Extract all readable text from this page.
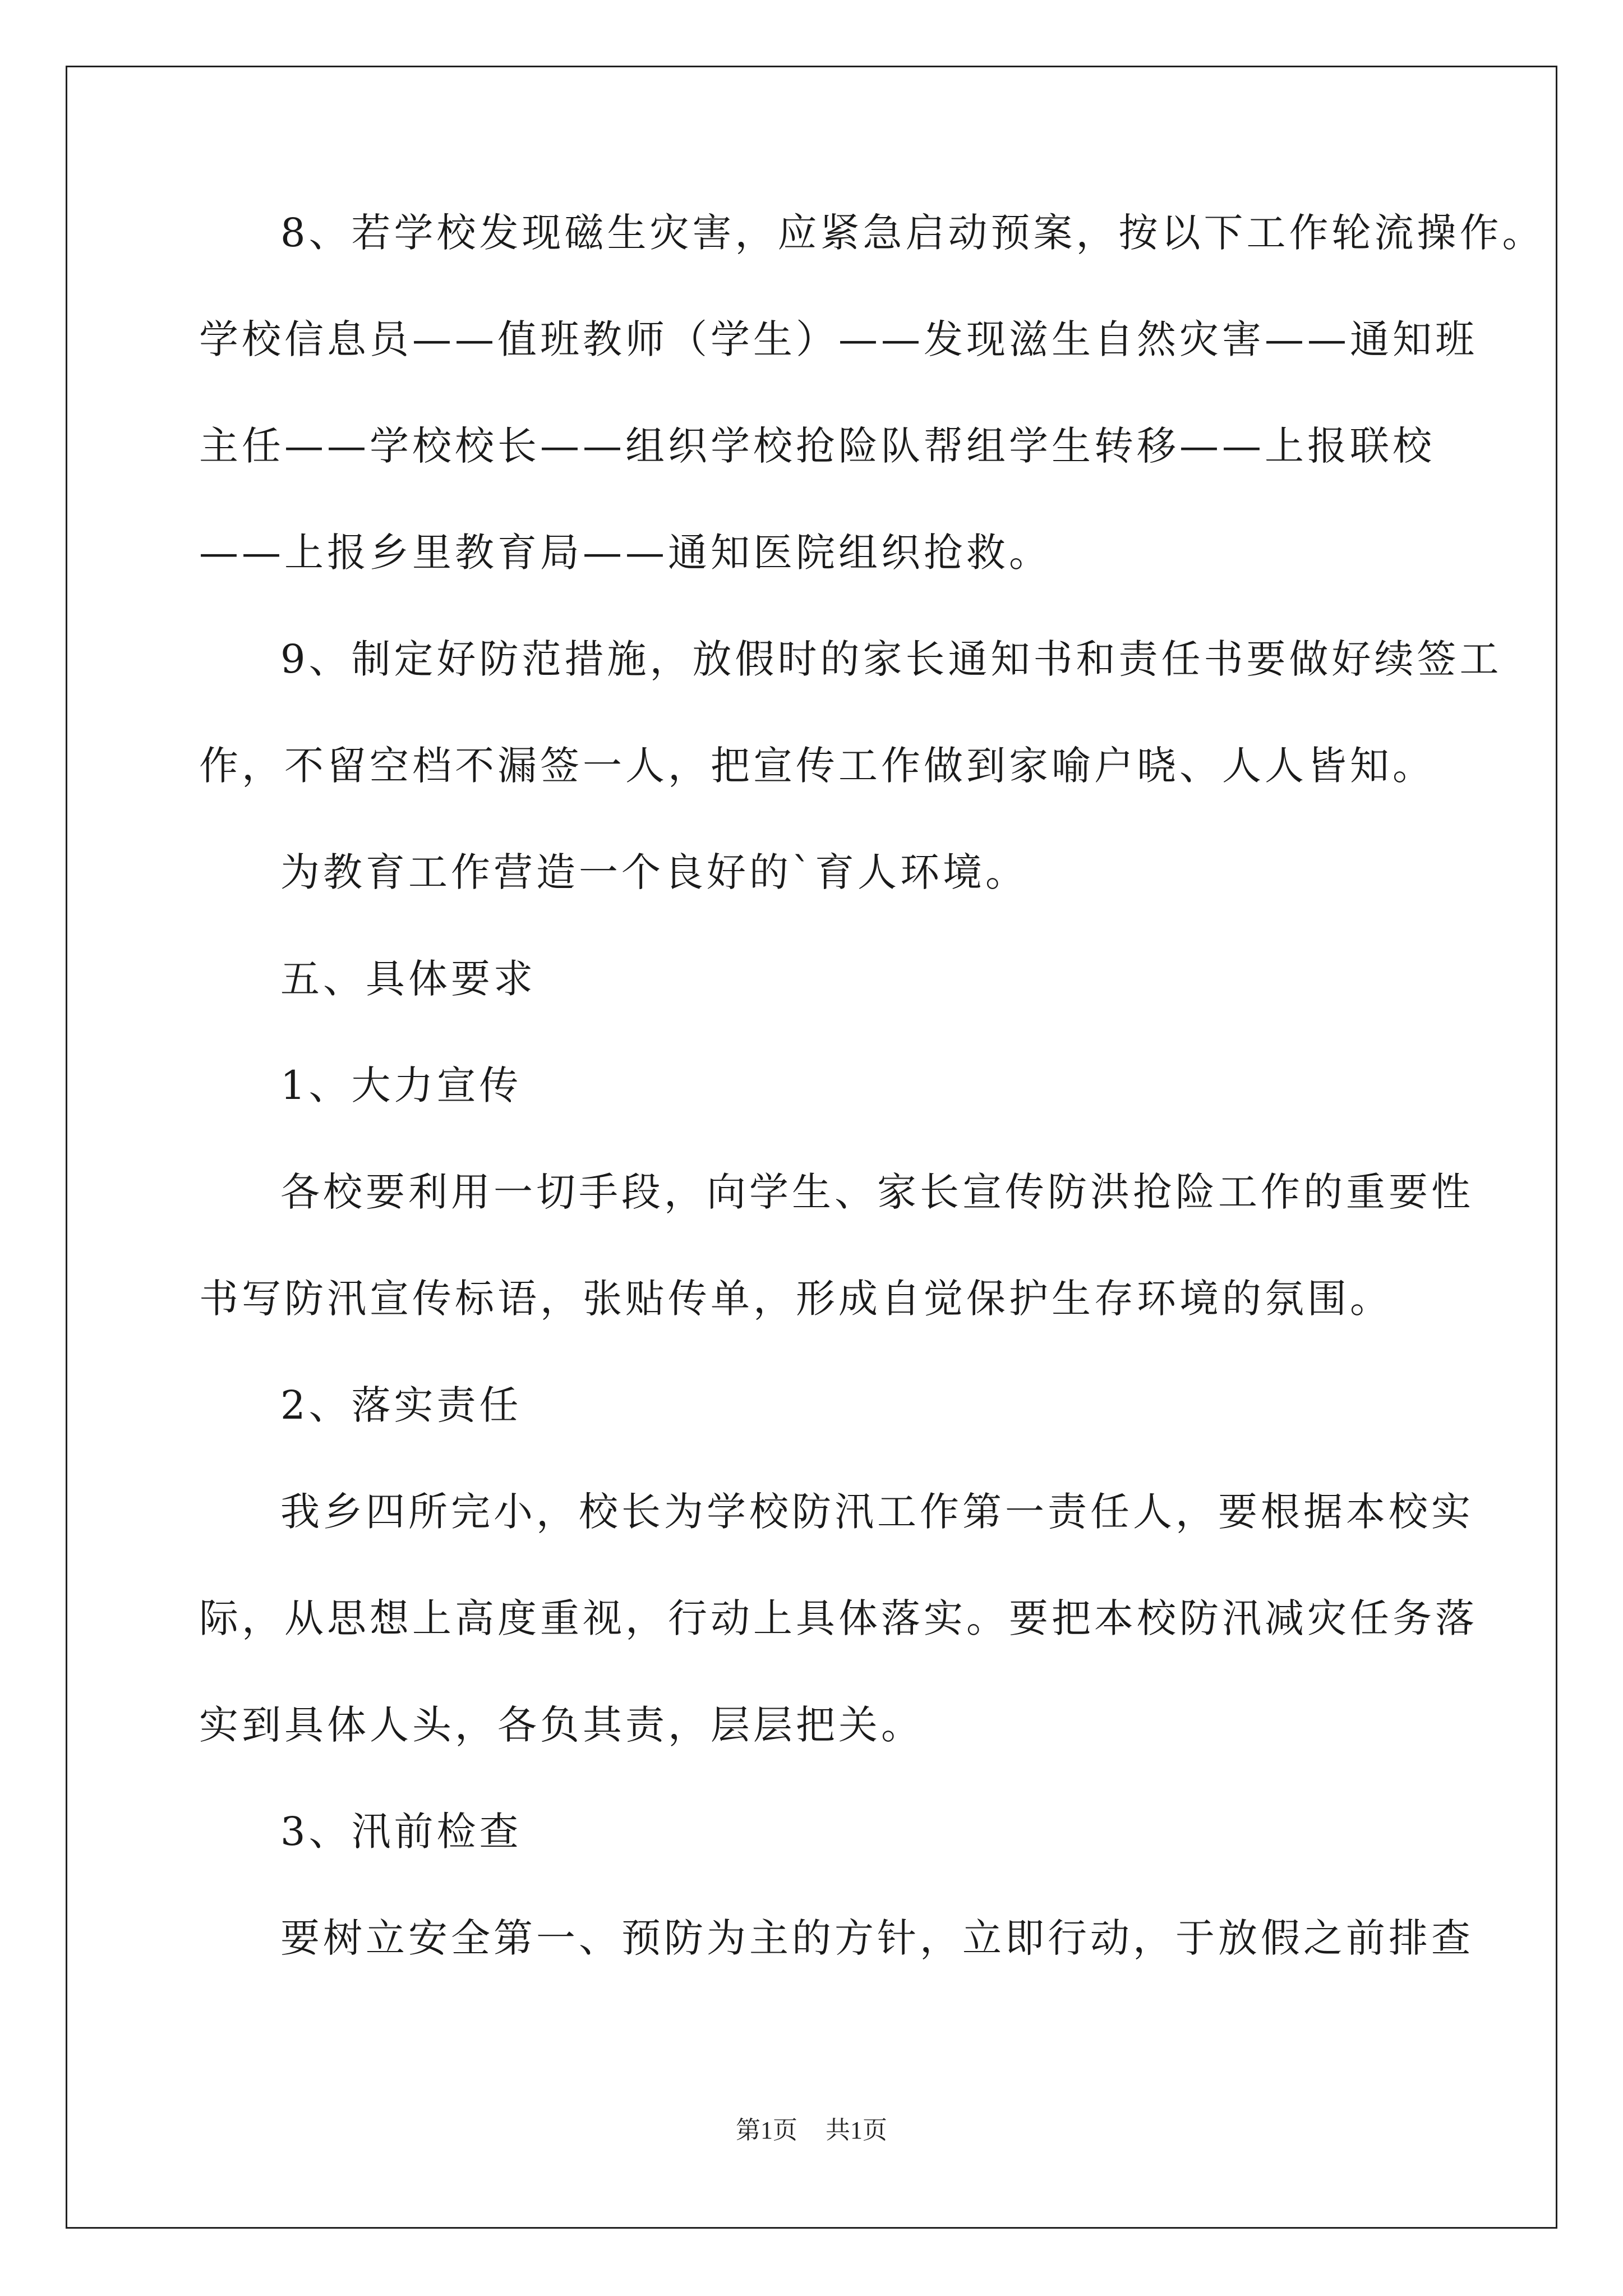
8、若学校发现磁生灾害，应紧急启动预案，按以下工作轮流操作。
学校信息员——值班教师（学生）——发现滋生自然灾害——通知班
主任——学校校长——组织学校抢险队帮组学生转移——上报联校
——上报乡里教育局——通知医院组织抢救。
9、制定好防范措施，放假时的家长通知书和责任书要做好续签工
作，不留空档不漏签一人，把宣传工作做到家喻户晓、人人皆知。
为教育工作营造一个良好的`育人环境。
五、具体要求
1、大力宣传
各校要利用一切手段，向学生、家长宣传防洪抢险工作的重要性
书写防汛宣传标语，张贴传单，形成自觉保护生存环境的氛围。
2、落实责任
我乡四所完小，校长为学校防汛工作第一责任人，要根据本校实
际，从思想上高度重视，行动上具体落实。要把本校防汛减灾任务落
实到具体人头，各负其责，层层把关。
3、汛前检查
要树立安全第一、预防为主的方针，立即行动，于放假之前排查
第1页 共1页
